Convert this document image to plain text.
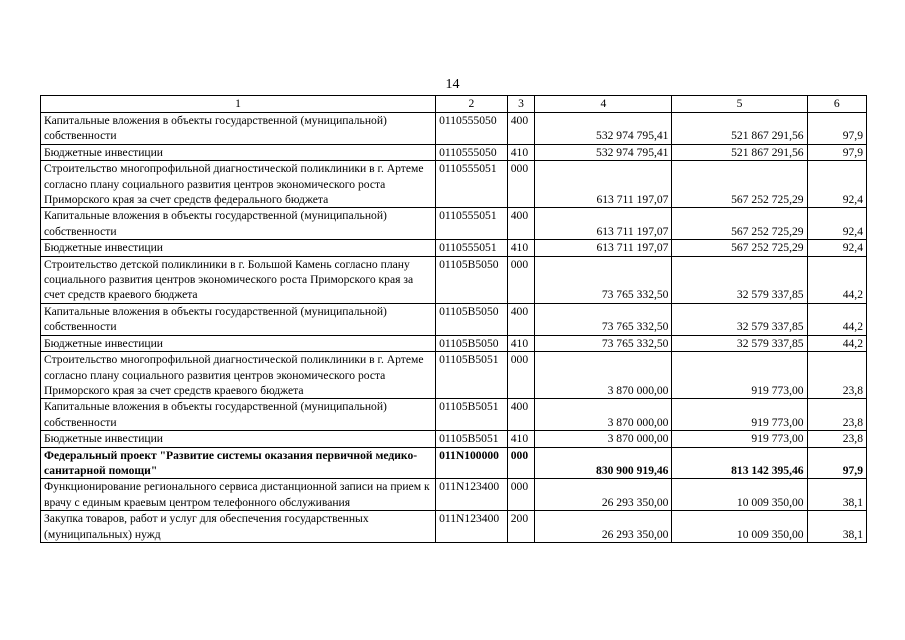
14
1	2	3	4	5	6
Капитальные вложения в объекты государственной (муниципальной) собственности	0110555050	400	532 974 795,41	521 867 291,56	97,9
Бюджетные инвестиции	0110555050	410	532 974 795,41	521 867 291,56	97,9
Строительство многопрофильной диагностической поликлиники в г. Артеме согласно плану социального развития центров экономического роста Приморского края за счет средств федерального бюджета	0110555051	000	613 711 197,07	567 252 725,29	92,4
Капитальные вложения в объекты государственной (муниципальной) собственности	0110555051	400	613 711 197,07	567 252 725,29	92,4
Бюджетные инвестиции	0110555051	410	613 711 197,07	567 252 725,29	92,4
Строительство детской поликлиники в г. Большой Камень согласно плану социального развития центров экономического роста Приморского края за счет средств краевого бюджета	01105В5050	000	73 765 332,50	32 579 337,85	44,2
Капитальные вложения в объекты государственной (муниципальной) собственности	01105В5050	400	73 765 332,50	32 579 337,85	44,2
Бюджетные инвестиции	01105В5050	410	73 765 332,50	32 579 337,85	44,2
Строительство многопрофильной диагностической поликлиники в г. Артеме согласно плану социального развития центров экономического роста Приморского края за счет средств краевого бюджета	01105В5051	000	3 870 000,00	919 773,00	23,8
Капитальные вложения в объекты государственной (муниципальной) собственности	01105В5051	400	3 870 000,00	919 773,00	23,8
Бюджетные инвестиции	01105В5051	410	3 870 000,00	919 773,00	23,8
Федеральный проект "Развитие системы оказания первичной медико-санитарной помощи"	011N100000	000	830 900 919,46	813 142 395,46	97,9
Функционирование регионального сервиса дистанционной записи на прием к врачу с единым краевым центром телефонного обслуживания	011N123400	000	26 293 350,00	10 009 350,00	38,1
Закупка товаров, работ и услуг для обеспечения государственных (муниципальных) нужд	011N123400	200	26 293 350,00	10 009 350,00	38,1
